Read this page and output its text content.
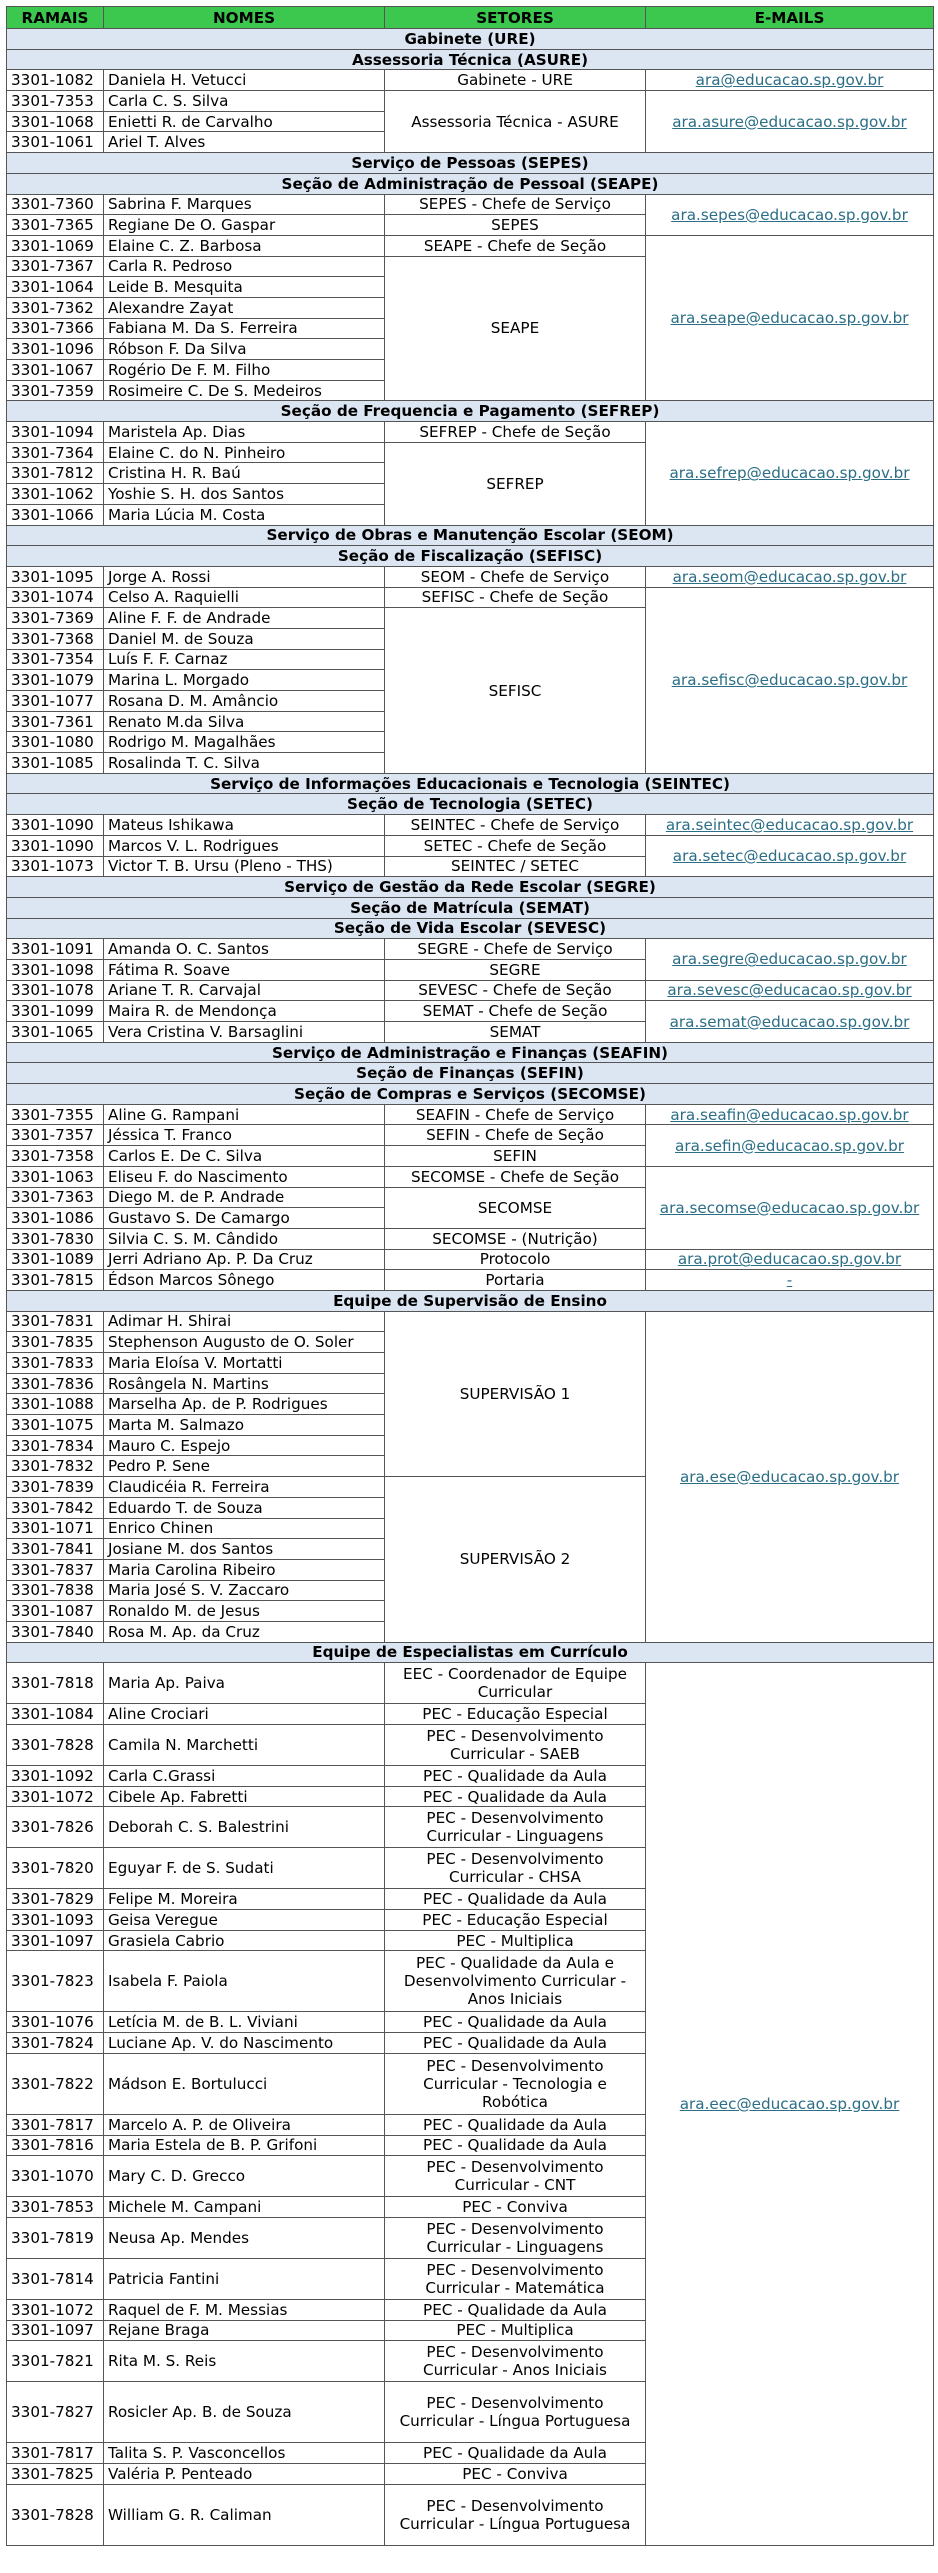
RAMAIS	NOMES	SETORES	E-MAILS
Gabinete (URE)			
Assessoria Técnica (ASURE)			
3301-1082	Daniela H. Vetucci	Gabinete - URE	ara@educacao.sp.gov.br
3301-7353	Carla C. S. Silva	Assessoria Técnica - ASURE	ara.asure@educacao.sp.gov.br
3301-1068	Enietti R. de Carvalho		
3301-1061	Ariel T. Alves		
Serviço de Pessoas (SEPES)			
Seção de Administração de Pessoal (SEAPE)			
3301-7360	Sabrina F. Marques	SEPES - Chefe de Serviço	ara.sepes@educacao.sp.gov.br
3301-7365	Regiane De O. Gaspar	SEPES	
3301-1069	Elaine C. Z. Barbosa	SEAPE - Chefe de Seção	ara.seape@educacao.sp.gov.br
3301-7367	Carla R. Pedroso	SEAPE	
3301-1064	Leide B. Mesquita		
3301-7362	Alexandre Zayat		
3301-7366	Fabiana M. Da S. Ferreira		
3301-1096	Róbson F. Da Silva		
3301-1067	Rogério De F. M. Filho		
3301-7359	Rosimeire C. De S. Medeiros		
Seção de Frequencia e Pagamento (SEFREP)			
3301-1094	Maristela Ap. Dias	SEFREP - Chefe de Seção	ara.sefrep@educacao.sp.gov.br
3301-7364	Elaine C. do N. Pinheiro	SEFREP	
3301-7812	Cristina H. R. Baú		
3301-1062	Yoshie S. H. dos Santos		
3301-1066	Maria Lúcia M. Costa		
Serviço de Obras e Manutenção Escolar (SEOM)			
Seção de Fiscalização (SEFISC)			
3301-1095	Jorge A. Rossi	SEOM - Chefe de Serviço	ara.seom@educacao.sp.gov.br
3301-1074	Celso A. Raquielli	SEFISC - Chefe de Seção	ara.sefisc@educacao.sp.gov.br
3301-7369	Aline F. F. de Andrade	SEFISC	
3301-7368	Daniel M. de Souza		
3301-7354	Luís F. F. Carnaz		
3301-1079	Marina L. Morgado		
3301-1077	Rosana D. M. Amâncio		
3301-7361	Renato M.da Silva		
3301-1080	Rodrigo M. Magalhães		
3301-1085	Rosalinda T. C. Silva		
Serviço de Informações Educacionais e Tecnologia (SEINTEC)			
Seção de Tecnologia (SETEC)			
3301-1090	Mateus Ishikawa	SEINTEC - Chefe de Serviço	ara.seintec@educacao.sp.gov.br
3301-1090	Marcos V. L. Rodrigues	SETEC - Chefe de Seção	ara.setec@educacao.sp.gov.br
3301-1073	Victor T. B. Ursu (Pleno - THS)	SEINTEC / SETEC	
Serviço de Gestão da Rede Escolar (SEGRE)			
Seção de Matrícula (SEMAT)			
Seção de Vida Escolar (SEVESC)			
3301-1091	Amanda O. C. Santos	SEGRE - Chefe de Serviço	ara.segre@educacao.sp.gov.br
3301-1098	Fátima R. Soave	SEGRE	
3301-1078	Ariane T. R. Carvajal	SEVESC - Chefe de Seção	ara.sevesc@educacao.sp.gov.br
3301-1099	Maira R. de Mendonça	SEMAT - Chefe de Seção	ara.semat@educacao.sp.gov.br
3301-1065	Vera Cristina V. Barsaglini	SEMAT	
Serviço de Administração e Finanças (SEAFIN)			
Seção de Finanças (SEFIN)			
Seção de Compras e Serviços (SECOMSE)			
3301-7355	Aline G. Rampani	SEAFIN - Chefe de Serviço	ara.seafin@educacao.sp.gov.br
3301-7357	Jéssica T. Franco	SEFIN - Chefe de Seção	ara.sefin@educacao.sp.gov.br
3301-7358	Carlos E. De C. Silva	SEFIN	
3301-1063	Eliseu F. do Nascimento	SECOMSE - Chefe de Seção	ara.secomse@educacao.sp.gov.br
3301-7363	Diego M. de P. Andrade	SECOMSE	
3301-1086	Gustavo S. De Camargo		
3301-7830	Silvia C. S. M. Cândido	SECOMSE - (Nutrição)	
3301-1089	Jerri Adriano Ap. P. Da Cruz	Protocolo	ara.prot@educacao.sp.gov.br
3301-7815	Édson Marcos Sônego	Portaria	-
Equipe de Supervisão de Ensino			
3301-7831	Adimar H. Shirai	SUPERVISÃO 1	ara.ese@educacao.sp.gov.br
3301-7835	Stephenson Augusto de O. Soler		
3301-7833	Maria Eloísa V. Mortatti		
3301-7836	Rosângela N. Martins		
3301-1088	Marselha Ap. de P. Rodrigues		
3301-1075	Marta M. Salmazo		
3301-7834	Mauro C. Espejo		
3301-7832	Pedro P. Sene		
3301-7839	Claudicéia R. Ferreira	SUPERVISÃO 2	
3301-7842	Eduardo T. de Souza		
3301-1071	Enrico Chinen		
3301-7841	Josiane M. dos Santos		
3301-7837	Maria Carolina Ribeiro		
3301-7838	Maria José S. V. Zaccaro		
3301-1087	Ronaldo M. de Jesus		
3301-7840	Rosa M. Ap. da Cruz		
Equipe de Especialistas em Currículo			
3301-7818	Maria Ap. Paiva	EEC - Coordenador de Equipe Curricular	ara.eec@educacao.sp.gov.br
3301-1084	Aline Crociari	PEC - Educação Especial	
3301-7828	Camila N. Marchetti	PEC - Desenvolvimento Curricular - SAEB	
3301-1092	Carla C.Grassi	PEC - Qualidade da Aula	
3301-1072	Cibele Ap. Fabretti	PEC - Qualidade da Aula	
3301-7826	Deborah C. S. Balestrini	PEC - Desenvolvimento Curricular - Linguagens	
3301-7820	Eguyar F. de S. Sudati	PEC - Desenvolvimento Curricular - CHSA	
3301-7829	Felipe M. Moreira	PEC - Qualidade da Aula	
3301-1093	Geisa Veregue	PEC - Educação Especial	
3301-1097	Grasiela Cabrio	PEC - Multiplica	
3301-7823	Isabela F. Paiola	PEC - Qualidade da Aula e Desenvolvimento Curricular - Anos Iniciais	
3301-1076	Letícia M. de B. L. Viviani	PEC - Qualidade da Aula	
3301-7824	Luciane Ap. V. do Nascimento	PEC - Qualidade da Aula	
3301-7822	Mádson E. Bortulucci	PEC - Desenvolvimento Curricular - Tecnologia e Robótica	
3301-7817	Marcelo A. P. de Oliveira	PEC - Qualidade da Aula	
3301-7816	Maria Estela de B. P. Grifoni	PEC - Qualidade da Aula	
3301-1070	Mary C. D. Grecco	PEC - Desenvolvimento Curricular - CNT	
3301-7853	Michele M. Campani	PEC - Conviva	
3301-7819	Neusa Ap. Mendes	PEC - Desenvolvimento Curricular - Linguagens	
3301-7814	Patricia Fantini	PEC - Desenvolvimento Curricular - Matemática	
3301-1072	Raquel de F. M. Messias	PEC - Qualidade da Aula	
3301-1097	Rejane Braga	PEC - Multiplica	
3301-7821	Rita M. S. Reis	PEC - Desenvolvimento Curricular - Anos Iniciais	
3301-7827	Rosicler Ap. B. de Souza	PEC - Desenvolvimento Curricular - Língua Portuguesa	
3301-7817	Talita S. P. Vasconcellos	PEC - Qualidade da Aula	
3301-7825	Valéria P. Penteado	PEC - Conviva	
3301-7828	William G. R. Caliman	PEC - Desenvolvimento Curricular - Língua Portuguesa	
